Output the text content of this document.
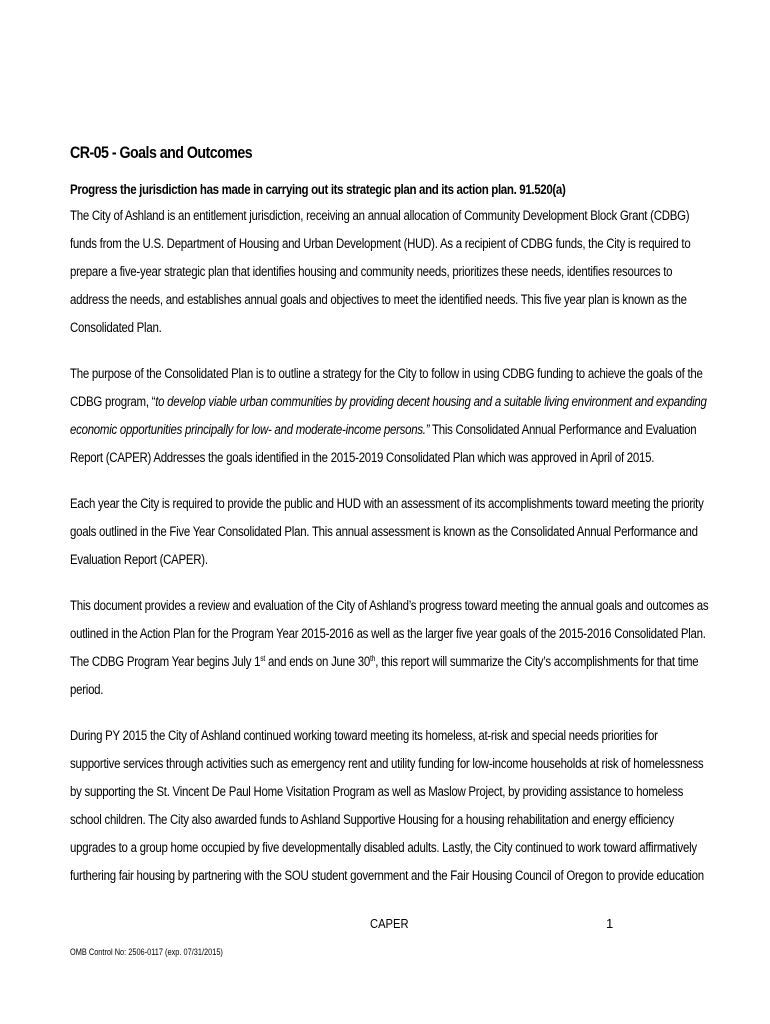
CR-05 - Goals and Outcomes
Progress the jurisdiction has made in carrying out its strategic plan and its action plan. 91.520(a)
The City of Ashland is an entitlement jurisdiction, receiving an annual allocation of Community Development Block Grant (CDBG)
funds from the U.S. Department of Housing and Urban Development (HUD). As a recipient of CDBG funds, the City is required to
prepare a five-year strategic plan that identifies housing and community needs, prioritizes these needs, identifies resources to
address the needs, and establishes annual goals and objectives to meet the identified needs. This five year plan is known as the
Consolidated Plan.
The purpose of the Consolidated Plan is to outline a strategy for the City to follow in using CDBG funding to achieve the goals of the
CDBG program, “to develop viable urban communities by providing decent housing and a suitable living environment and expanding
economic opportunities principally for low- and moderate-income persons.” This Consolidated Annual Performance and Evaluation
Report (CAPER) Addresses the goals identified in the 2015-2019 Consolidated Plan which was approved in April of 2015.
Each year the City is required to provide the public and HUD with an assessment of its accomplishments toward meeting the priority
goals outlined in the Five Year Consolidated Plan. This annual assessment is known as the Consolidated Annual Performance and
Evaluation Report (CAPER).
This document provides a review and evaluation of the City of Ashland’s progress toward meeting the annual goals and outcomes as
outlined in the Action Plan for the Program Year 2015-2016 as well as the larger five year goals of the 2015-2016 Consolidated Plan.
The CDBG Program Year begins July 1st and ends on June 30th, this report will summarize the City’s accomplishments for that time
period.
During PY 2015 the City of Ashland continued working toward meeting its homeless, at-risk and special needs priorities for
supportive services through activities such as emergency rent and utility funding for low-income households at risk of homelessness
by supporting the St. Vincent De Paul Home Visitation Program as well as Maslow Project, by providing assistance to homeless
school children. The City also awarded funds to Ashland Supportive Housing for a housing rehabilitation and energy efficiency
upgrades to a group home occupied by five developmentally disabled adults. Lastly, the City continued to work toward affirmatively
furthering fair housing by partnering with the SOU student government and the Fair Housing Council of Oregon to provide education
CAPER	1
OMB Control No: 2506-0117 (exp. 07/31/2015)
